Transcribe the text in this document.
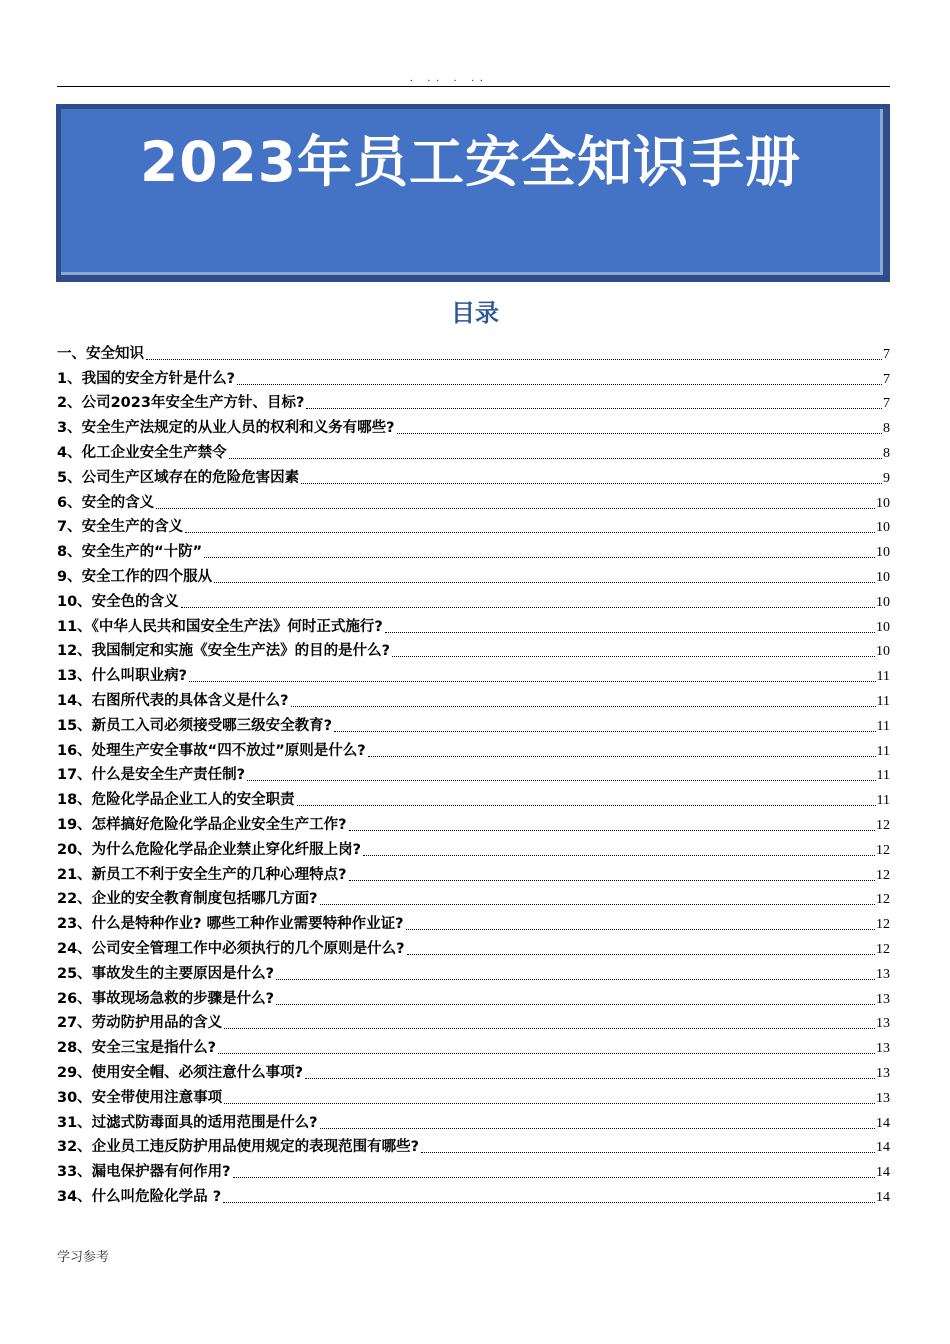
. .. . ..
2023年员工安全知识手册
目录
一、安全知识	7
1、我国的安全方针是什么?	7
2、公司2023年安全生产方针、目标?	7
3、安全生产法规定的从业人员的权利和义务有哪些?	8
4、化工企业安全生产禁令	8
5、公司生产区域存在的危险危害因素	9
6、安全的含义	10
7、安全生产的含义	10
8、安全生产的“十防”	10
9、安全工作的四个服从	10
10、安全色的含义	10
11、《中华人民共和国安全生产法》何时正式施行?	10
12、我国制定和实施《安全生产法》的目的是什么?	10
13、什么叫职业病?	11
14、右图所代表的具体含义是什么?	11
15、新员工入司必须接受哪三级安全教育?	11
16、处理生产安全事故“四不放过”原则是什么?	11
17、什么是安全生产责任制?	11
18、危险化学品企业工人的安全职责	11
19、怎样搞好危险化学品企业安全生产工作?	12
20、为什么危险化学品企业禁止穿化纤服上岗?	12
21、新员工不利于安全生产的几种心理特点?	12
22、企业的安全教育制度包括哪几方面?	12
23、什么是特种作业? 哪些工种作业需要特种作业证?	12
24、公司安全管理工作中必须执行的几个原则是什么?	12
25、事故发生的主要原因是什么?	13
26、事故现场急救的步骤是什么?	13
27、劳动防护用品的含义	13
28、安全三宝是指什么?	13
29、使用安全帽、必须注意什么事项?	13
30、安全带使用注意事项	13
31、过滤式防毒面具的适用范围是什么?	14
32、企业员工违反防护用品使用规定的表现范围有哪些?	14
33、漏电保护器有何作用?	14
34、什么叫危险化学品 ?	14
学习参考
